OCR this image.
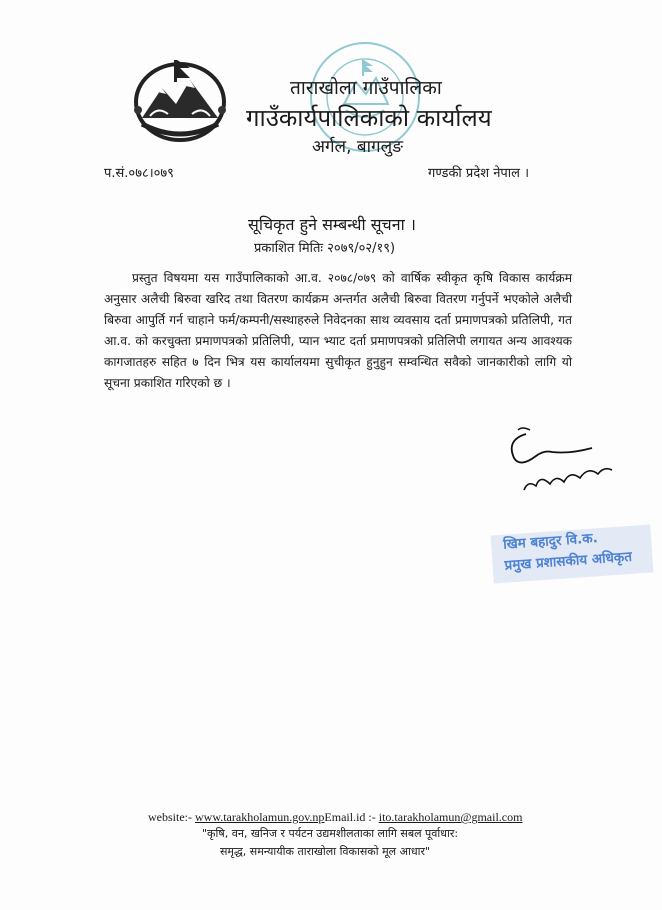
ताराखोला गाउँपालिका
गाउँकार्यपालिकाको कार्यालय
अर्गल, बागलुङ
प.सं.०७८।०७९	गण्डकी प्रदेश नेपाल ।
सूचिकृत हुने सम्बन्धी सूचना ।
प्रकाशित मितिः २०७९/०२/१९)
प्रस्तुत विषयमा यस गाउँपालिकाको आ.व. २०७८/०७९ को वार्षिक स्वीकृत कृषि विकास कार्यक्रम अनुसार अलैची बिरुवा खरिद तथा वितरण कार्यक्रम अन्तर्गत अलैची बिरुवा वितरण गर्नुपर्ने भएकोले अलैची बिरुवा आपुर्ति गर्न चाहाने फर्म/कम्पनी/सस्थाहरुले निवेदनका साथ व्यवसाय दर्ता प्रमाणपत्रको प्रतिलिपी, गत आ.व. को करचुक्ता प्रमाणपत्रको प्रतिलिपी, प्यान भ्याट दर्ता प्रमाणपत्रको प्रतिलिपी लगायत अन्य आवश्यक कागजातहरु सहित ७ दिन भित्र यस कार्यालयमा सुचीकृत हुनुहुन सम्वन्धित सवैको जानकारीको लागि यो सूचना प्रकाशित गरिएको छ ।
खिम बहादुर वि.क.
प्रमुख प्रशासकीय अधिकृत
website:- www.tarakholamun.gov.npEmail.id :- ito.tarakholamun@gmail.com
"कृषि, वन, खनिज र पर्यटन उद्यमशीलताका लागि सबल पूर्वाधार:
समृद्ध, समन्यायीक ताराखोला विकासको मूल आधार"
